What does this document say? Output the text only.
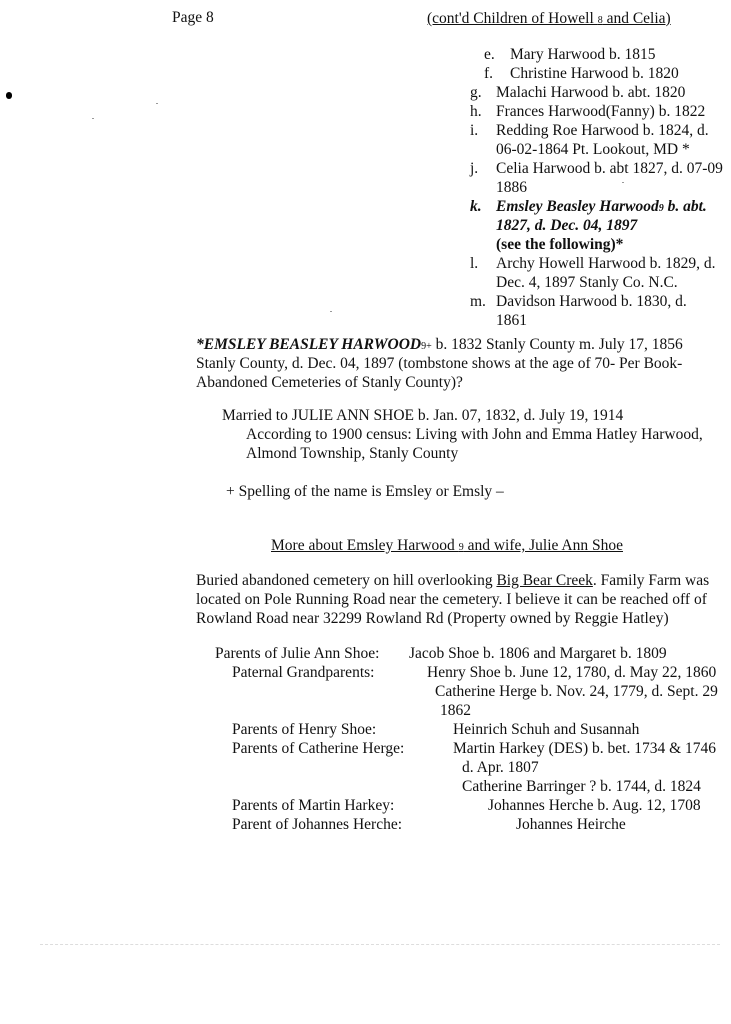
Page 8	(cont'd Children of Howell 8 and Celia)
e. Mary Harwood b. 1815
f. Christine Harwood b. 1820
g. Malachi Harwood b. abt. 1820
h. Frances Harwood(Fanny) b. 1822
i. Redding Roe Harwood b. 1824, d.
06-02-1864 Pt. Lookout, MD *
j. Celia Harwood b. abt 1827, d. 07-09
1886
k. Emsley Beasley Harwood9 b. abt.
1827, d. Dec. 04, 1897
(see the following)*
l. Archy Howell Harwood b. 1829, d.
Dec. 4, 1897 Stanly Co. N.C.
m. Davidson Harwood b. 1830, d.
1861
*EMSLEY BEASLEY HARWOOD9+ b. 1832 Stanly County m. July 17, 1856
Stanly County, d. Dec. 04, 1897 (tombstone shows at the age of 70- Per Book-
Abandoned Cemeteries of Stanly County)?
Married to JULIE ANN SHOE b. Jan. 07, 1832, d. July 19, 1914
According to 1900 census: Living with John and Emma Hatley Harwood,
Almond Township, Stanly County
+ Spelling of the name is Emsley or Emsly –
More about Emsley Harwood 9 and wife, Julie Ann Shoe
Buried abandoned cemetery on hill overlooking Big Bear Creek. Family Farm was
located on Pole Running Road near the cemetery. I believe it can be reached off of
Rowland Road near 32299 Rowland Rd (Property owned by Reggie Hatley)
Parents of Julie Ann Shoe: Jacob Shoe b. 1806 and Margaret b. 1809
Paternal Grandparents:	Henry Shoe b. June 12, 1780, d. May 22, 1860
Catherine Herge b. Nov. 24, 1779, d. Sept. 29
1862
Parents of Henry Shoe:	Heinrich Schuh and Susannah
Parents of Catherine Herge:	Martin Harkey (DES) b. bet. 1734 & 1746
d. Apr. 1807
Catherine Barringer ? b. 1744, d. 1824
Parents of Martin Harkey:	Johannes Herche b. Aug. 12, 1708
Parent of Johannes Herche:	Johannes Heirche
